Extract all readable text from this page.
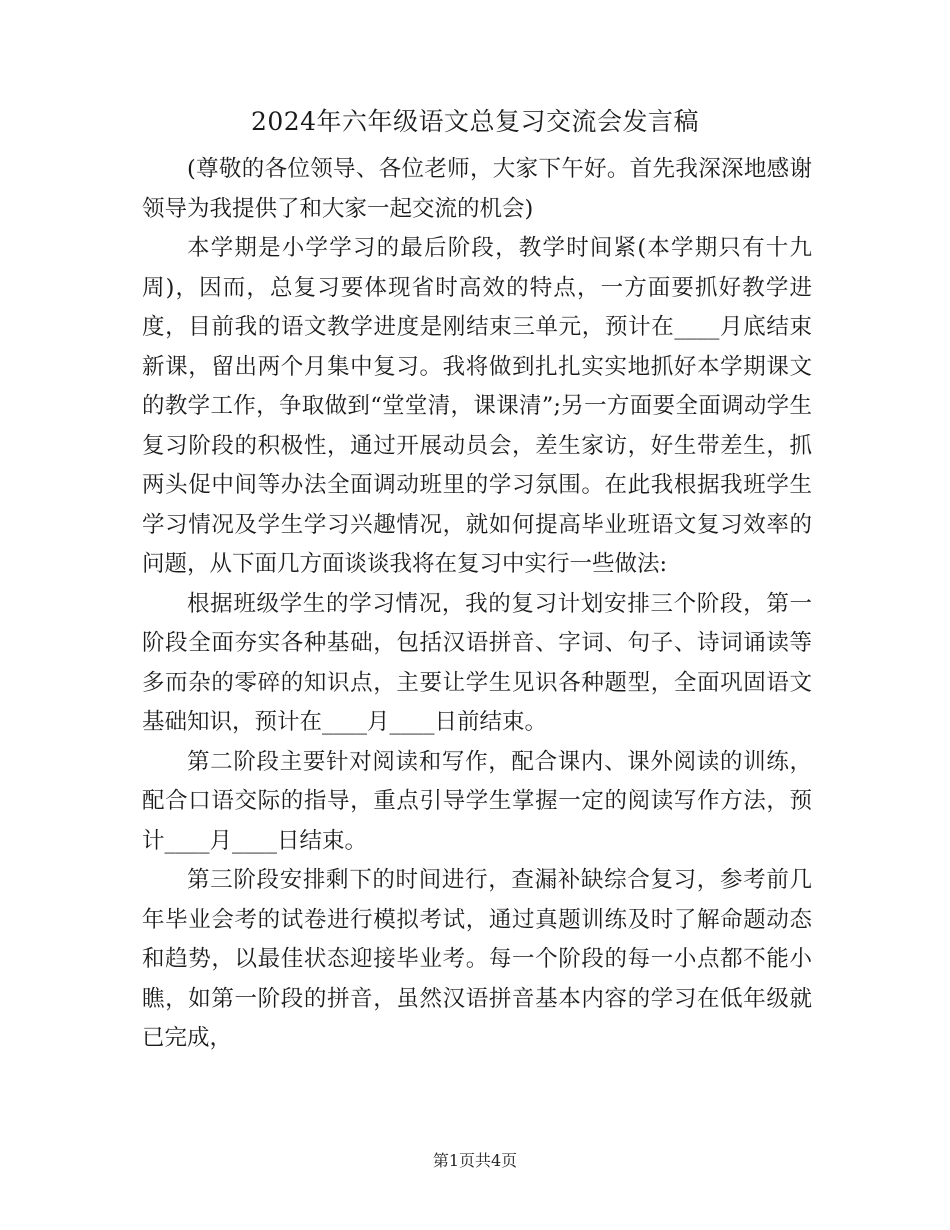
2024年六年级语文总复习交流会发言稿

(尊敬的各位领导、各位老师，大家下午好。首先我深深地感谢领导为我提供了和大家一起交流的机会)

本学期是小学学习的最后阶段，教学时间紧(本学期只有十九周)，因而，总复习要体现省时高效的特点，一方面要抓好教学进度，目前我的语文教学进度是刚结束三单元，预计在____月底结束新课，留出两个月集中复习。我将做到扎扎实实地抓好本学期课文的教学工作，争取做到“堂堂清，课课清”;另一方面要全面调动学生复习阶段的积极性，通过开展动员会，差生家访，好生带差生，抓两头促中间等办法全面调动班里的学习氛围。在此我根据我班学生学习情况及学生学习兴趣情况，就如何提高毕业班语文复习效率的问题，从下面几方面谈谈我将在复习中实行一些做法:

根据班级学生的学习情况，我的复习计划安排三个阶段，第一阶段全面夯实各种基础，包括汉语拼音、字词、句子、诗词诵读等多而杂的零碎的知识点，主要让学生见识各种题型，全面巩固语文基础知识，预计在____月____日前结束。

第二阶段主要针对阅读和写作，配合课内、课外阅读的训练，配合口语交际的指导，重点引导学生掌握一定的阅读写作方法，预计____月____日结束。

第三阶段安排剩下的时间进行，查漏补缺综合复习，参考前几年毕业会考的试卷进行模拟考试，通过真题训练及时了解命题动态和趋势，以最佳状态迎接毕业考。每一个阶段的每一小点都不能小瞧，如第一阶段的拼音，虽然汉语拼音基本内容的学习在低年级就已完成，

第1页共4页
